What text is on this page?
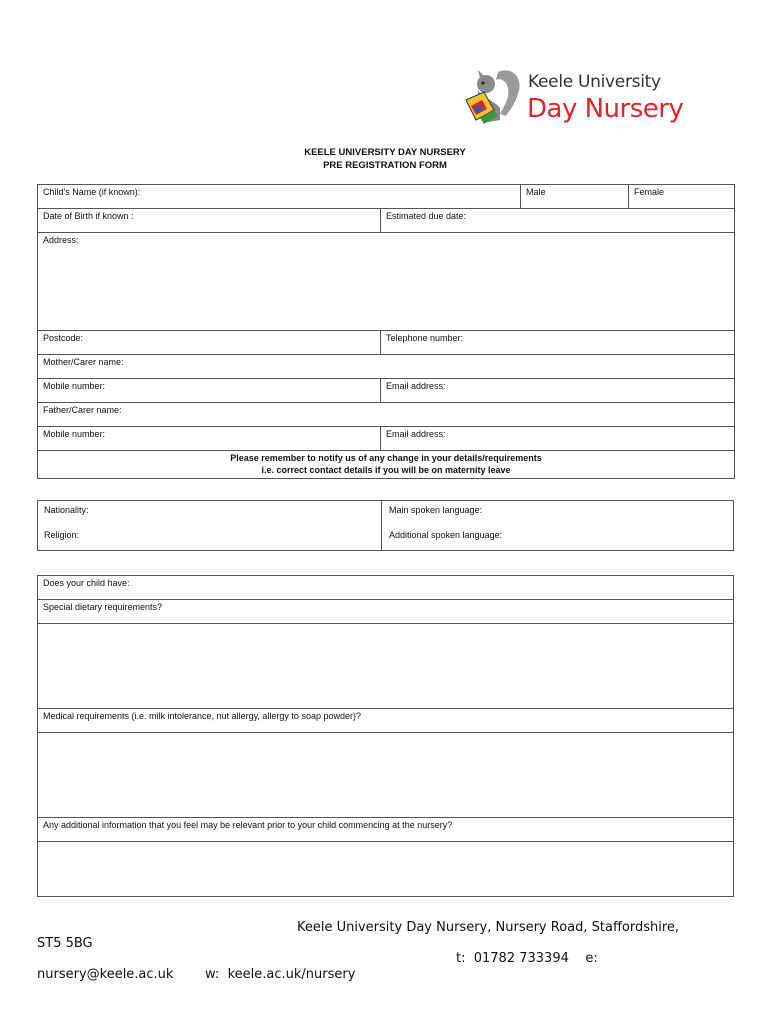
Keele University
Day Nursery
KEELE UNIVERSITY DAY NURSERY
PRE REGISTRATION FORM
Child's Name (if known):		Male	Female
Date of Birth if known :	Estimated due date:		
Address:			
Postcode:	Telephone number:		
Mother/Carer name:			
Mobile number:	Email address:		
Father/Carer name:			
Mobile number:	Email address:		

Please remember to notify us of any change in your details/requirements
i.e. correct contact details if you will be on maternity leave			
Nationality:	Main spoken language:
Religion:	Additional spoken language:
Does your child have:
Special dietary requirements?

Medical requirements (i.e. milk intolerance, nut allergy, allergy to soap powder)?

Any additional information that you feel may be relevant prior to your child commencing at the nursery?

Keele University Day Nursery, Nursery Road, Staffordshire,
ST5 5BG
t:  01782 733394    e:
nursery@keele.ac.uk w:  keele.ac.uk/nursery
